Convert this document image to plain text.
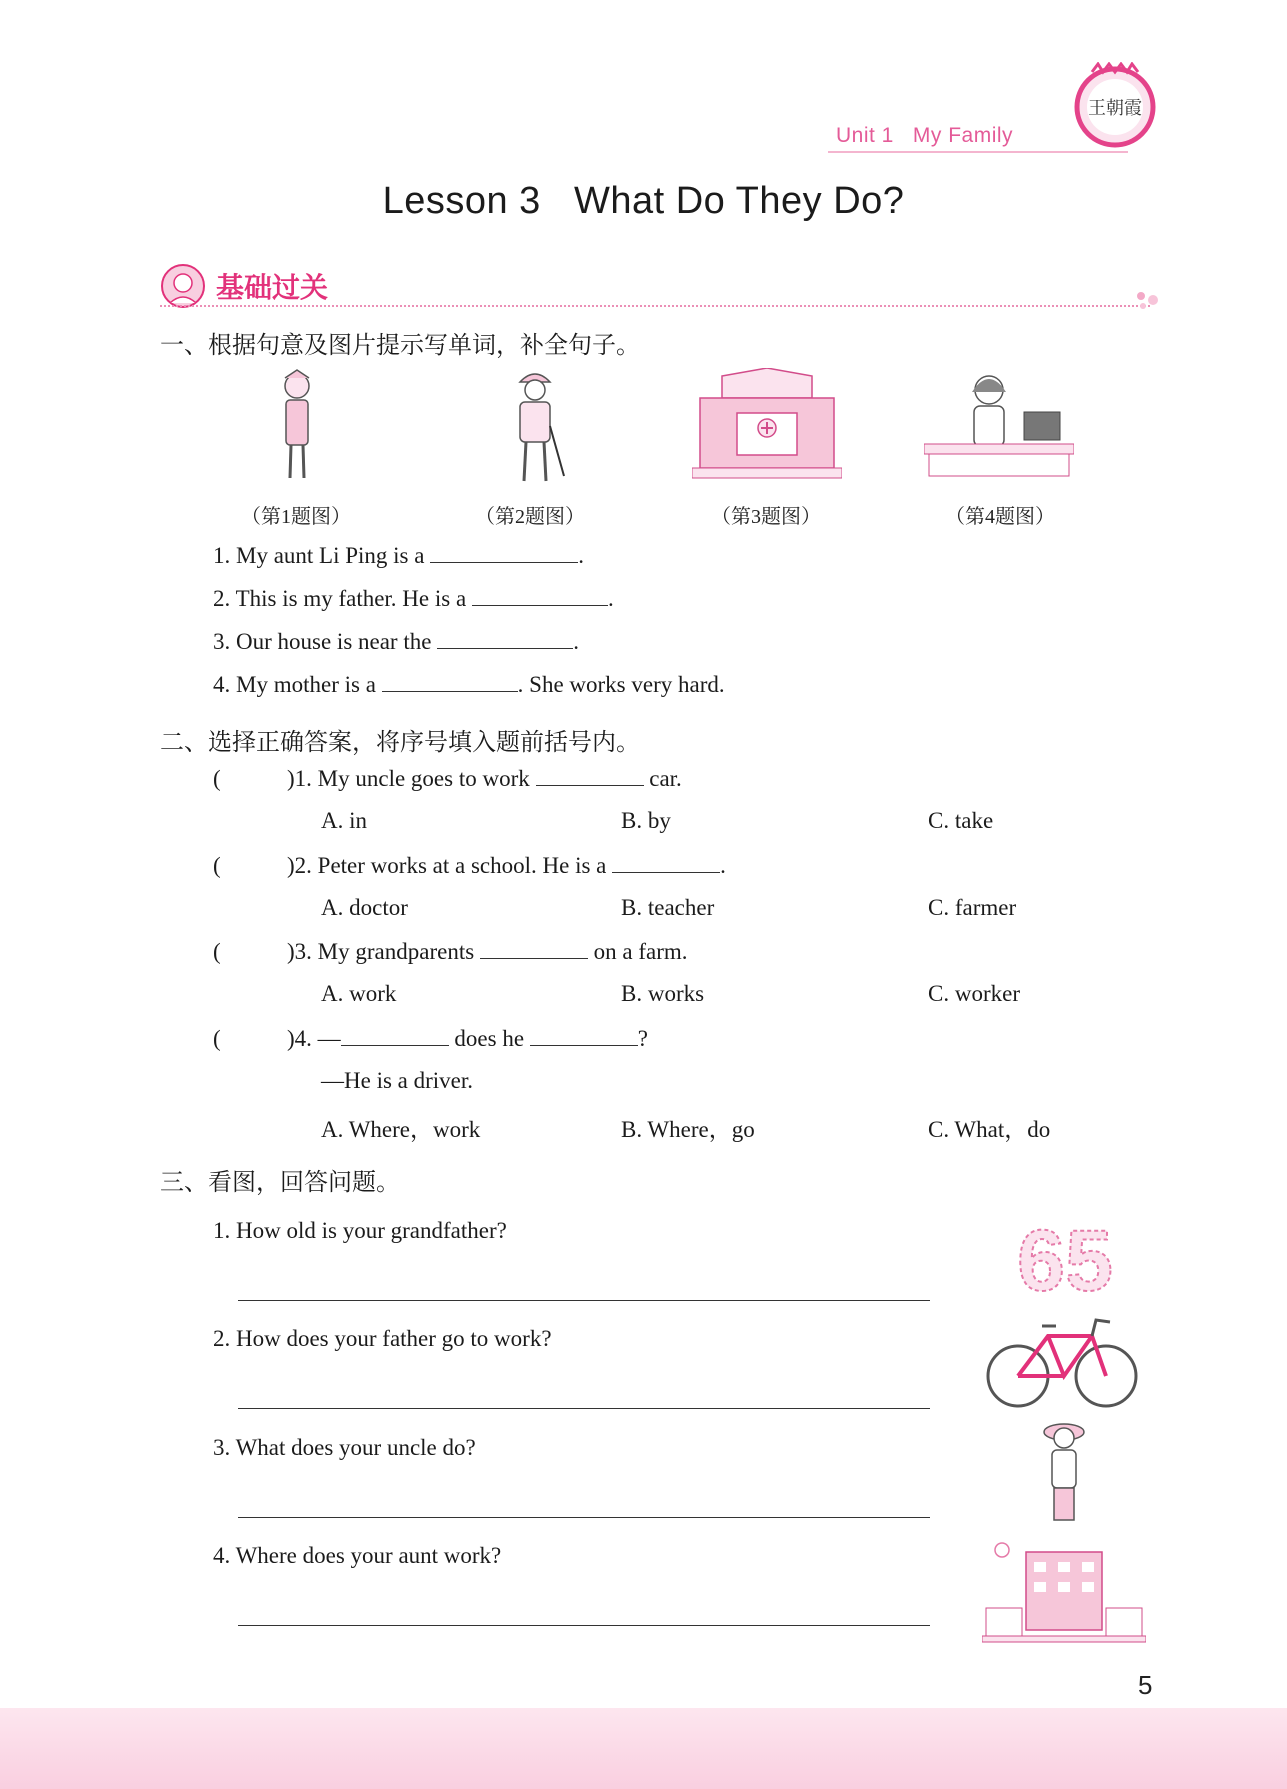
王朝霞
Unit 1   My Family
Lesson 3   What Do They Do?
基础过关
一、根据句意及图片提示写单词，补全句子。
（第1题图）	（第2题图）	（第3题图）	（第4题图）
1. My aunt Li Ping is a	.
2. This is my father. He is a	.
3. Our house is near the	.
4. My mother is a	. She works very hard.
二、选择正确答案，将序号填入题前括号内。
(	)1. My uncle goes to work	car.
A. in	B. by	C. take
(	)2. Peter works at a school. He is a	.
A. doctor	B. teacher	C. farmer
(	)3. My grandparents	on a farm.
A. work	B. works	C. worker
(	)4. —	does he	?
—He is a driver.
A. Where，work	B. Where，go	C. What，do
三、看图，回答问题。
1. How old is your grandfather?
2. How does your father go to work?
3. What does your uncle do?
4. Where does your aunt work?
65
5
